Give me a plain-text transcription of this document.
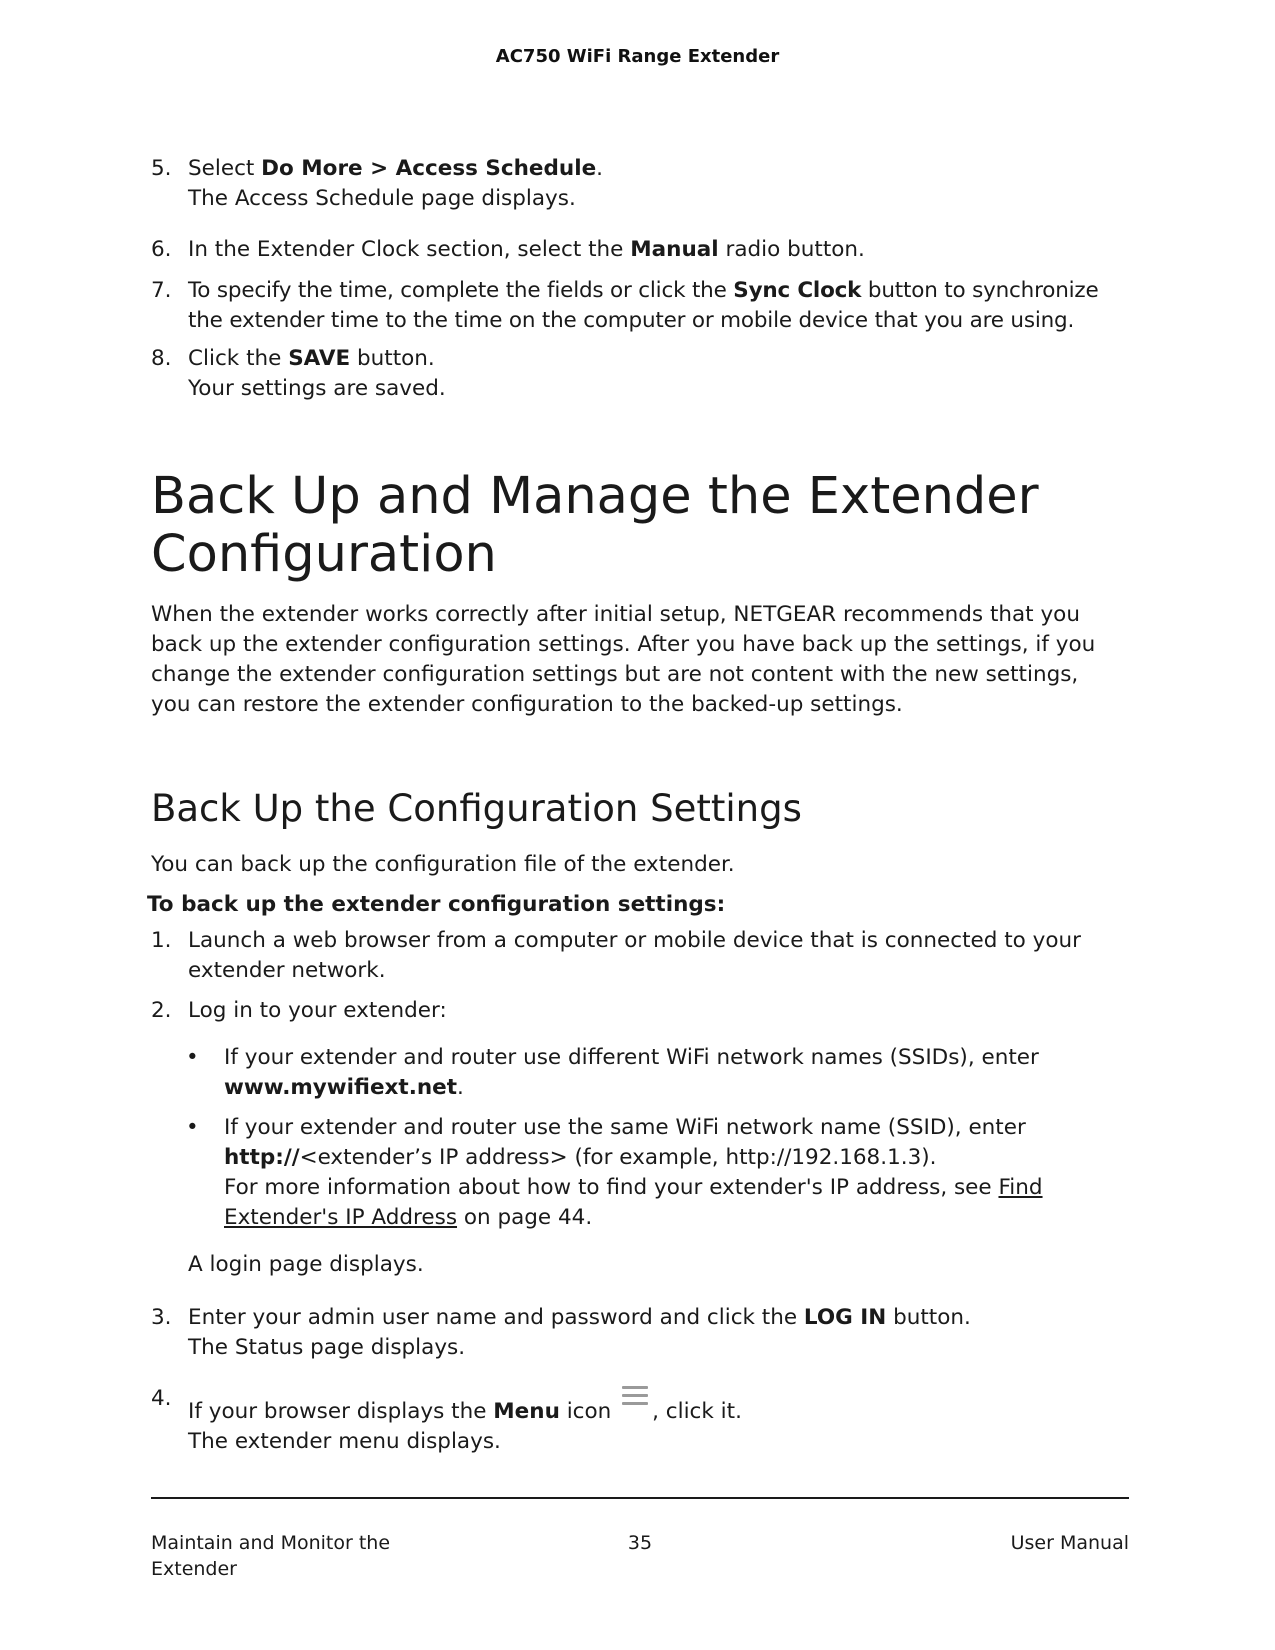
AC750 WiFi Range Extender
5. Select Do More > Access Schedule.
The Access Schedule page displays.
6. In the Extender Clock section, select the Manual radio button.
7. To specify the time, complete the fields or click the Sync Clock button to synchronize
the extender time to the time on the computer or mobile device that you are using.
8. Click the SAVE button.
Your settings are saved.
Back Up and Manage the Extender
Configuration
When the extender works correctly after initial setup, NETGEAR recommends that you
back up the extender configuration settings. After you have back up the settings, if you
change the extender configuration settings but are not content with the new settings,
you can restore the extender configuration to the backed-up settings.
Back Up the Configuration Settings
You can back up the configuration file of the extender.
To back up the extender configuration settings:
1. Launch a web browser from a computer or mobile device that is connected to your
extender network.
2. Log in to your extender:
• If your extender and router use different WiFi network names (SSIDs), enter
www.mywifiext.net.
• If your extender and router use the same WiFi network name (SSID), enter
http://<extender’s IP address> (for example, http://192.168.1.3).
For more information about how to find your extender's IP address, see Find
Extender's IP Address on page 44.
A login page displays.
3. Enter your admin user name and password and click the LOG IN button.
The Status page displays.
4.
If your browser displays the Menu icon
, click it.
The extender menu displays.
Maintain and Monitor the
Extender
35	User Manual
